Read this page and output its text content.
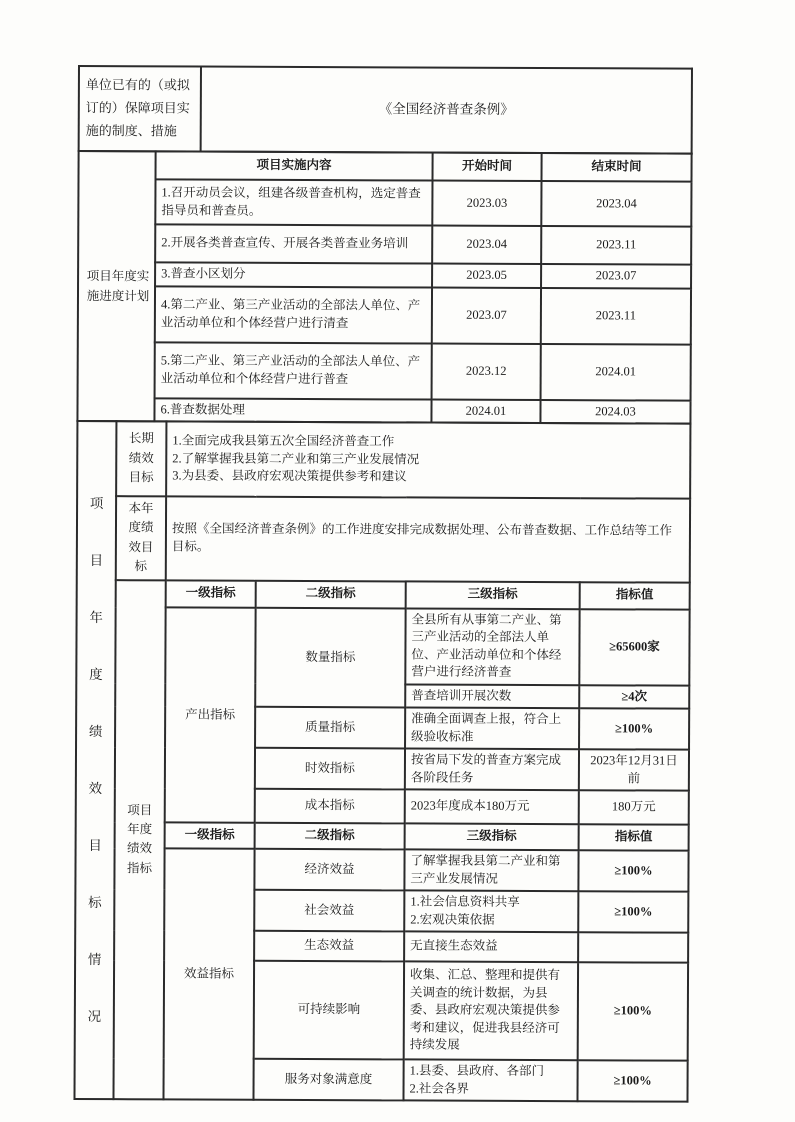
单位已有的（或拟订的）保障项目实施的制度、措施	《全国经济普查条例》
项目年度实施进度计划	项目实施内容	开始时间	结束时间
	1.召开动员会议，组建各级普查机构，选定普查指导员和普查员。	2023.03	2023.04
	2.开展各类普查宣传、开展各类普查业务培训	2023.04	2023.11
	3.普查小区划分	2023.05	2023.07
	4.第二产业、第三产业活动的全部法人单位、产业活动单位和个体经营户进行清查	2023.07	2023.11
	5.第二产业、第三产业活动的全部法人单位、产业活动单位和个体经营户进行普查	2023.12	2024.01
	6.普查数据处理	2024.01	2024.03
项目年度绩效目标情况	长期绩效目标	1.全面完成我县第五次全国经济普查工作
2.了解掌握我县第二产业和第三产业发展情况
3.为县委、县政府宏观决策提供参考和建议			

	本年度绩效目标	按照《全国经济普查条例》的工作进度安排完成数据处理、公布普查数据、工作总结等工作目标。			

	项目年度绩效指标	一级指标	二级指标	三级指标	指标值
		产出指标	数量指标	全县所有从事第二产业、第三产业活动的全部法人单位、产业活动单位和个体经营户进行经济普查	≥65600家
				普查培训开展次数	≥4次
			质量指标	准确全面调查上报，符合上级验收标准	≥100%
			时效指标	按省局下发的普查方案完成各阶段任务	2023年12月31日前
			成本指标	2023年度成本180万元	180万元
		一级指标	二级指标	三级指标	指标值
		效益指标	经济效益	了解掌握我县第二产业和第三产业发展情况	≥100%
			社会效益	1.社会信息资料共享
2.宏观决策依据	≥100%
			生态效益	无直接生态效益	
			可持续影响	收集、汇总、整理和提供有关调查的统计数据，为县委、县政府宏观决策提供参考和建议，促进我县经济可持续发展	≥100%
			服务对象满意度	1.县委、县政府、各部门
2.社会各界	≥100%
